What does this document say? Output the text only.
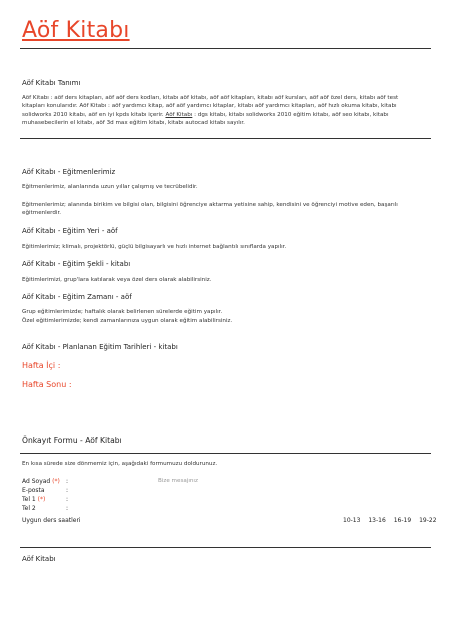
Aöf Kitabı
Aöf Kitabı Tanımı
Aöf Kitabı : aöf ders kitapları, aöf aöf ders kodları, kitabı aöf kitabı, aöf aöf kitapları, kitabı aöf kursları, aöf aöf özel ders, kitabı aöf test kitapları konularıdır. Aöf Kitabı : aöf yardımcı kitap, aöf aöf yardımcı kitaplar, kitabı aöf yardımcı kitapları, aöf hızlı okuma kitabı, kitabı solidworks 2010 kitabı, aöf en iyi kpds kitabı içerir. Aöf Kitabı : dgs kitabı, kitabı solidworks 2010 eğitim kitabı, aöf seo kitabı, kitabı muhasebecilerin el kitabı, aöf 3d max eğitim kitabı, kitabı autocad kitabı sayılır.
Aöf Kitabı - Eğitmenlerimiz
Eğitmenlerimiz, alanlarında uzun yıllar çalışmış ve tecrübelidir.
Eğitmenlerimiz; alanında birikim ve bilgisi olan, bilgisini öğrenciye aktarma yetisine sahip, kendisini ve öğrenciyi motive eden, başarılı eğitmenlerdir.
Aöf Kitabı - Eğitim Yeri - aöf
Eğitimlerimiz; klimalı, projektörlü, güçlü bilgisayarlı ve hızlı internet bağlantılı sınıflarda yapılır.
Aöf Kitabı - Eğitim Şekli - kitabı
Eğitimlerimizi, grup'lara katılarak veya özel ders olarak alabilirsiniz.
Aöf Kitabı - Eğitim Zamanı - aöf
Grup eğitimlerimizde; haftalık olarak belirlenen sürelerde eğitim yapılır.
Özel eğitimlerimizde; kendi zamanlarınıza uygun olarak eğitim alabilirsiniz.
Aöf Kitabı - Planlanan Eğitim Tarihleri - kitabı
Hafta İçi :
Hafta Sonu :
Önkayıt Formu - Aöf Kitabı
En kısa sürede size dönmemiz için, aşağıdaki formumuzu doldurunuz.
Ad Soyad (*) :
E-posta	:
Tel 1 (*)	:
Tel 2	:
Bize mesajınız
Uygun ders saatleri	10-13 13-16 16-19 19-22
Aöf Kitabı
